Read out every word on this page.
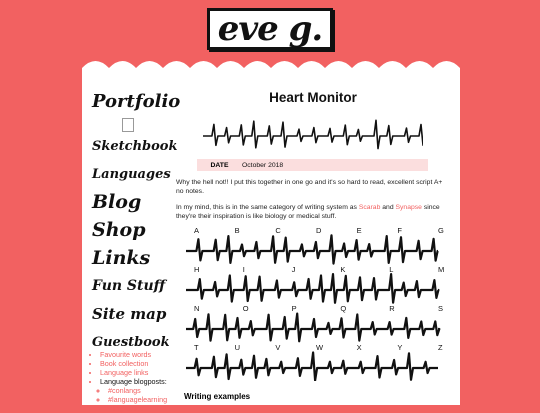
eve g.
Portfolio
Sketchbook
Languages
Blog
Shop
Links
Fun Stuff
Site map
Guestbook
• Favourite words
• Book collection
• Language links
• Language blogposts:
◦ #conlangs
◦ #languagelearning
◦ #linguistics
Heart Monitor
DATE	October 2018

Why the hell not!! I put this together in one go and it's so hard to read, excellent script A+ no notes.

In my mind, this is in the same category of writing system as Scarab and Synapse since they're their inspiration is like biology or medical stuff.

A	B	C	D	E	F	G
H	I	J	K	L	M
N	O	P	Q	R	S
T	U	V	W	X	Y	Z
Writing examples
